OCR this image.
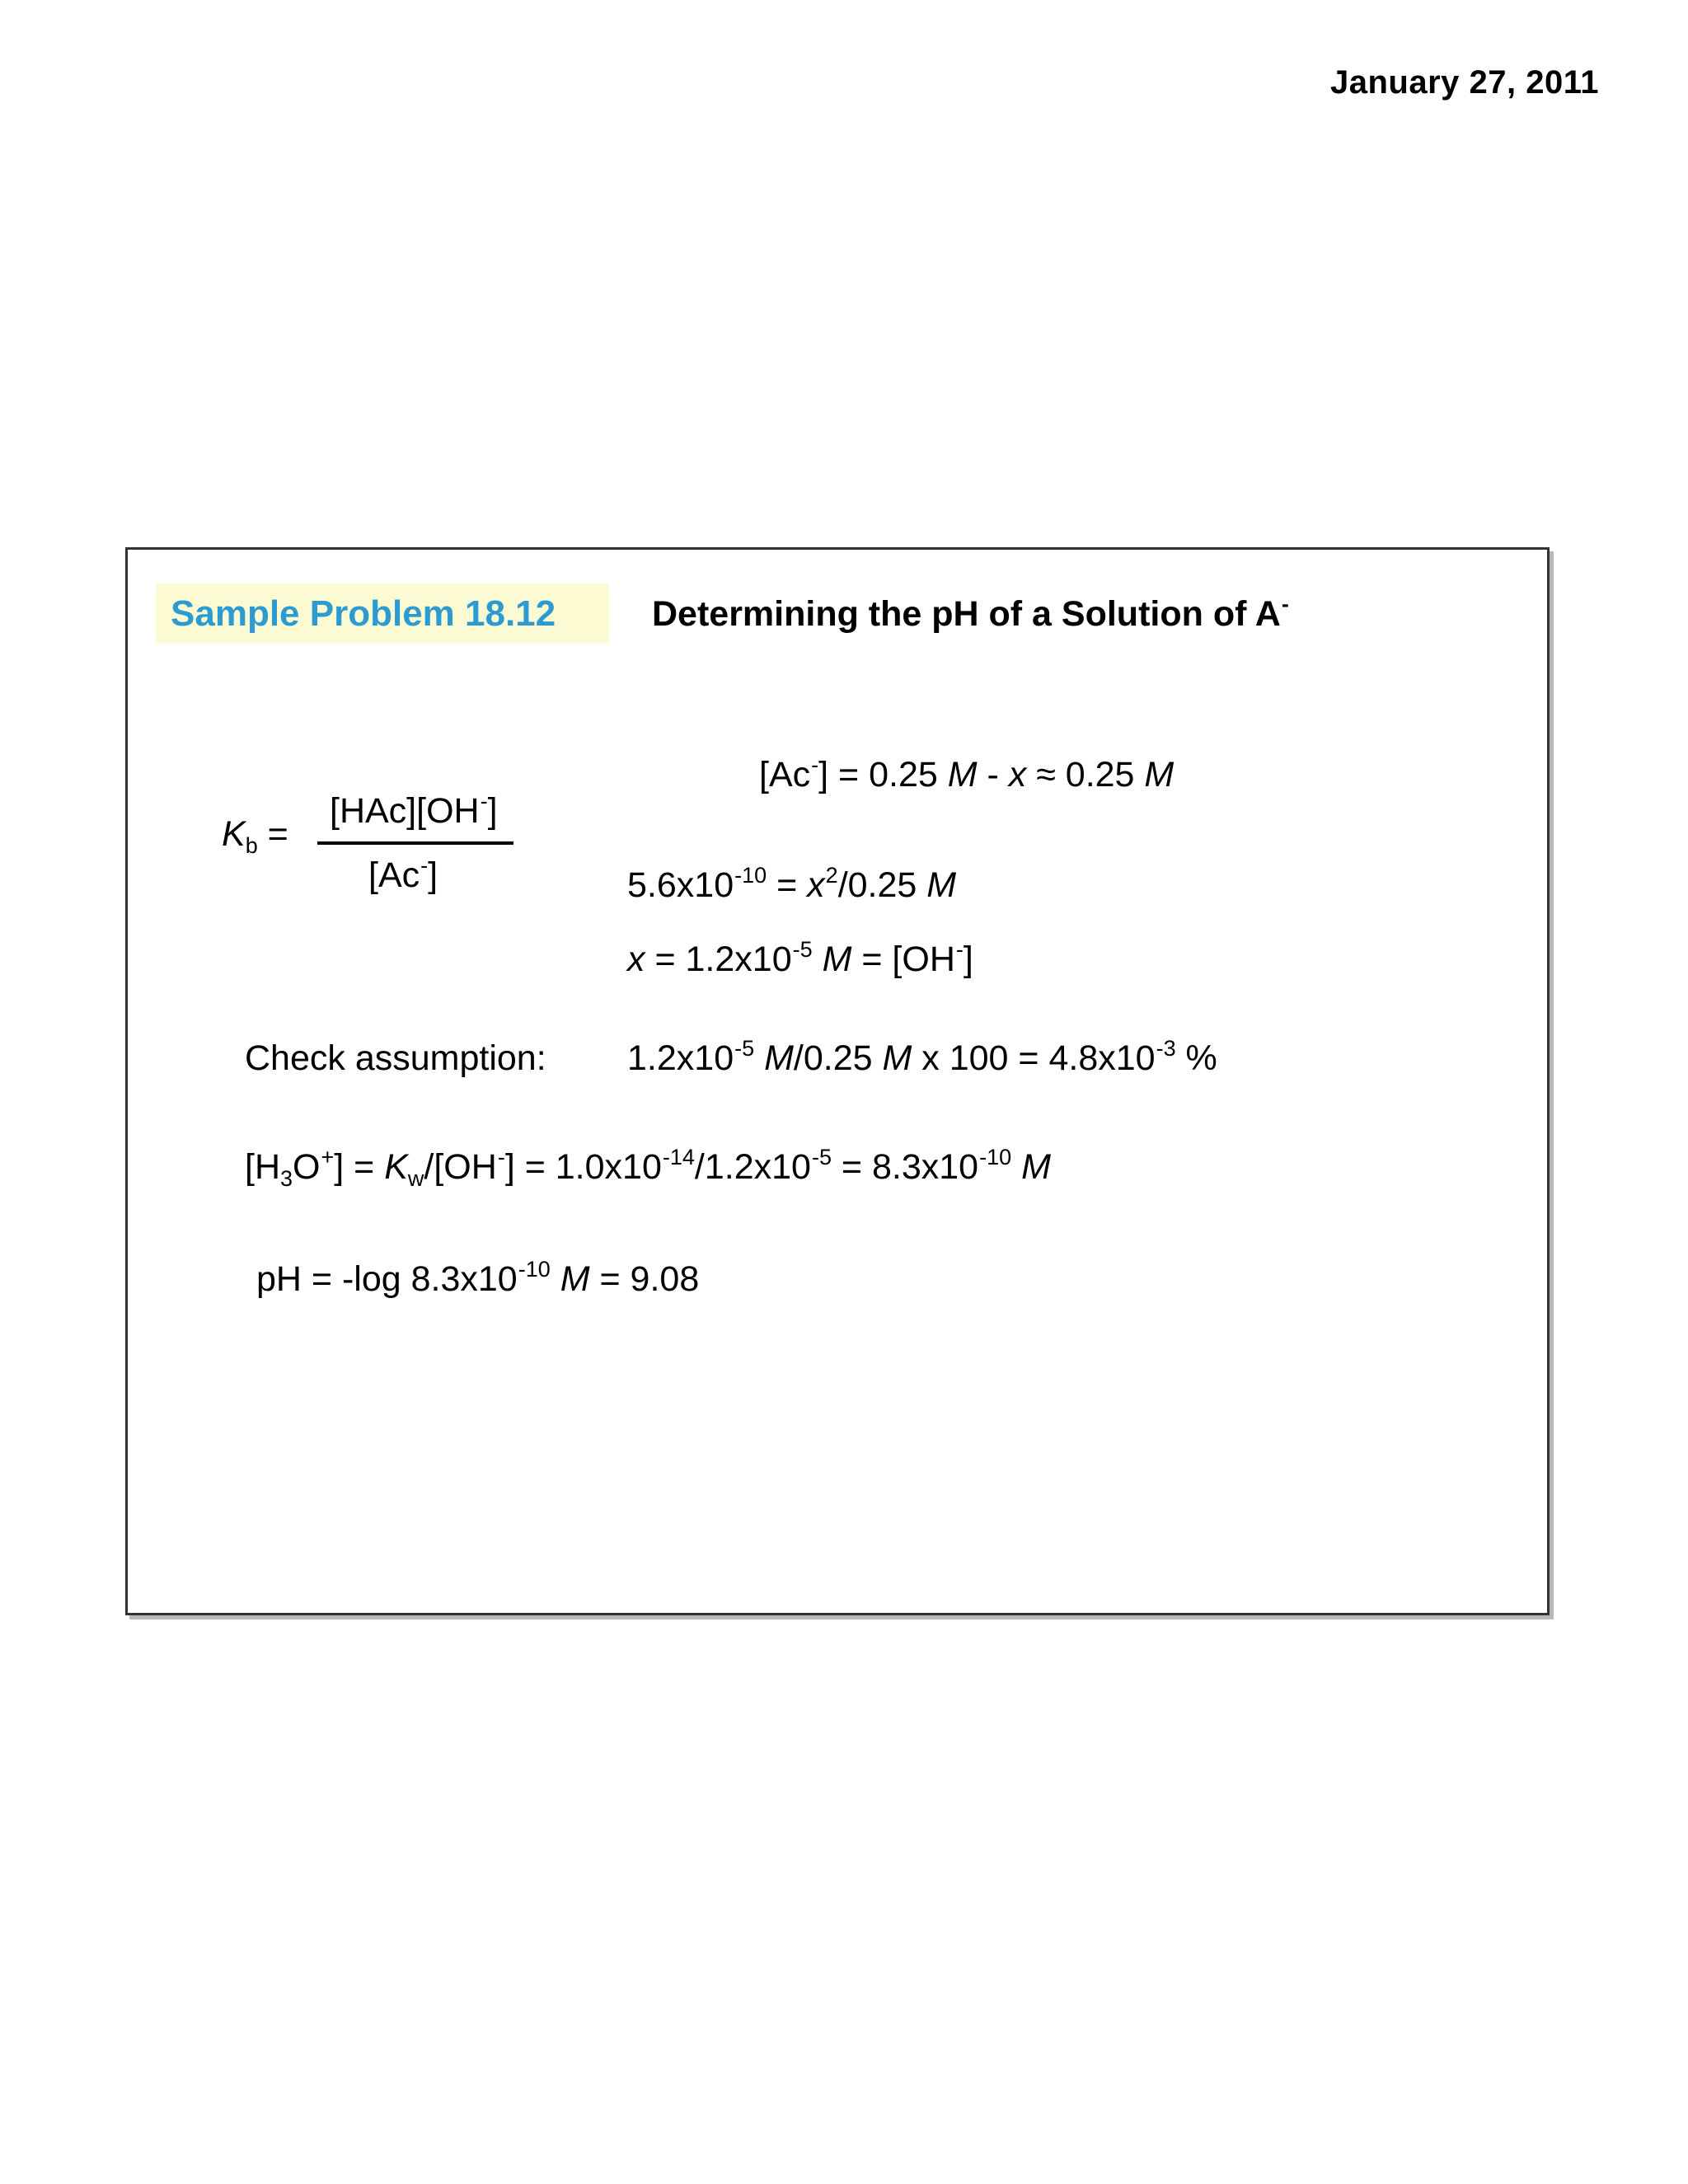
January 27, 2011
Sample Problem 18.12	Determining the pH of a Solution of A-
$K_b$ =
[HAc][OH-]
[Ac-]
[Ac-] = 0.25 M - x ≈ 0.25 M
$5.6x10^{-10} = x^2/0.25$ M
$x = 1.2x10^{-5}$ M = [OH-]
Check assumption: $1.2x10^{-5}$ M/0.25 M x $100 = 4.8x10^{-3}$ %
$[H_3O^+] = K_w/[OH^-] = 1.0x10^{-14}/1.2x10^{-5} = 8.3x10^{-10}$ M
pH = -log $8.3x10^{-10}$ M = 9.08
